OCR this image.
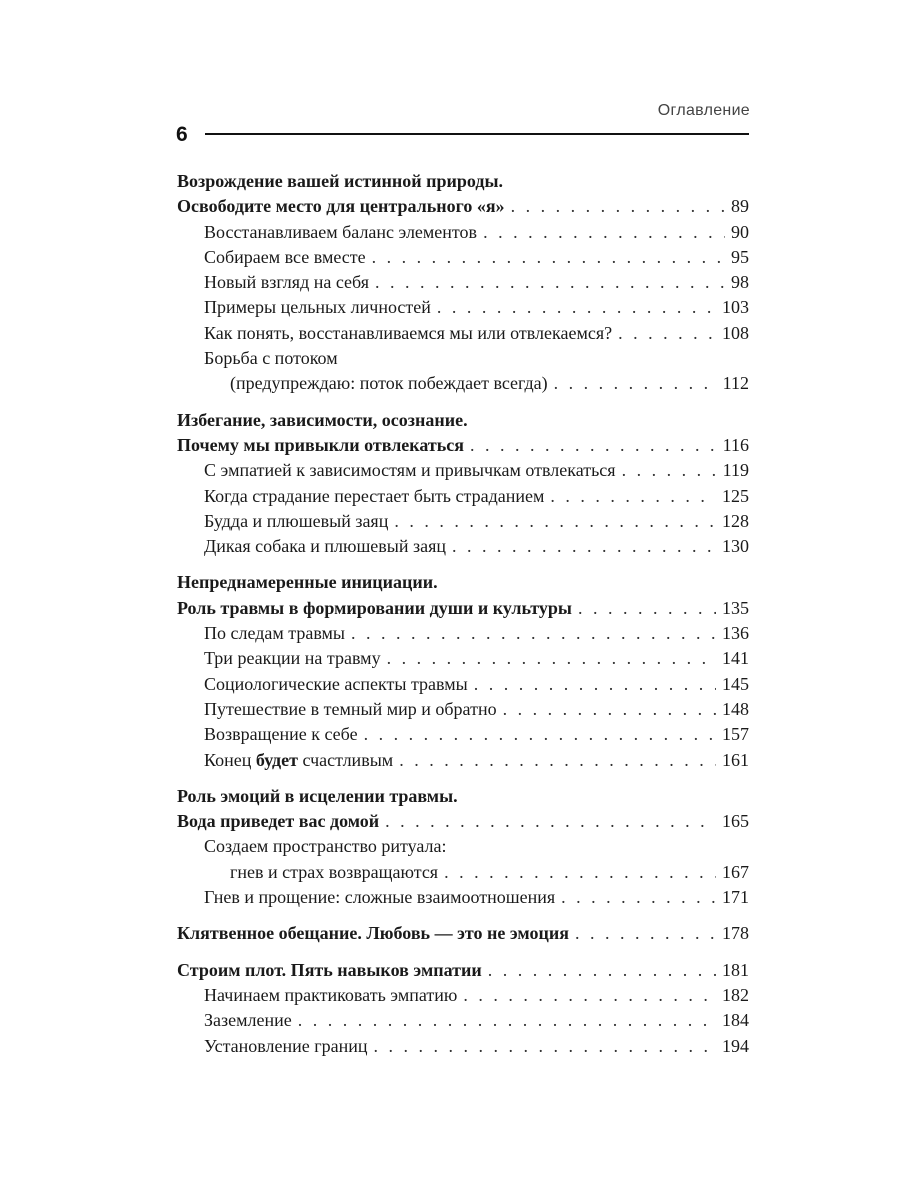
Оглавление
6
Возрождение вашей истинной природы.
Освободите место для центрального «я» . . .	89
Восстанавливаем баланс элементов . . .	90
Собираем все вместе . . .	95
Новый взгляд на себя . . .	98
Примеры цельных личностей . . .	103
Как понять, восстанавливаемся мы или отвлекаемся? . . .	108
Борьба с потоком
(предупреждаю: поток побеждает всегда) . . .	112
Избегание, зависимости, осознание.
Почему мы привыкли отвлекаться . . .	116
С эмпатией к зависимостям и привычкам отвлекаться . . .	119
Когда страдание перестает быть страданием . . .	125
Будда и плюшевый заяц . . .	128
Дикая собака и плюшевый заяц . . .	130
Непреднамеренные инициации.
Роль травмы в формировании души и культуры . . .	135
По следам травмы . . .	136
Три реакции на травму . . .	141
Социологические аспекты травмы . . .	145
Путешествие в темный мир и обратно . . .	148
Возвращение к себе . . .	157
Конец будет счастливым . . .	161
Роль эмоций в исцелении травмы.
Вода приведет вас домой . . .	165
Создаем пространство ритуала:
гнев и страх возвращаются . . .	167
Гнев и прощение: сложные взаимоотношения . . .	171
Клятвенное обещание. Любовь — это не эмоция . . .	178
Строим плот. Пять навыков эмпатии . . .	181
Начинаем практиковать эмпатию . . .	182
Заземление . . .	184
Установление границ . . .	194
